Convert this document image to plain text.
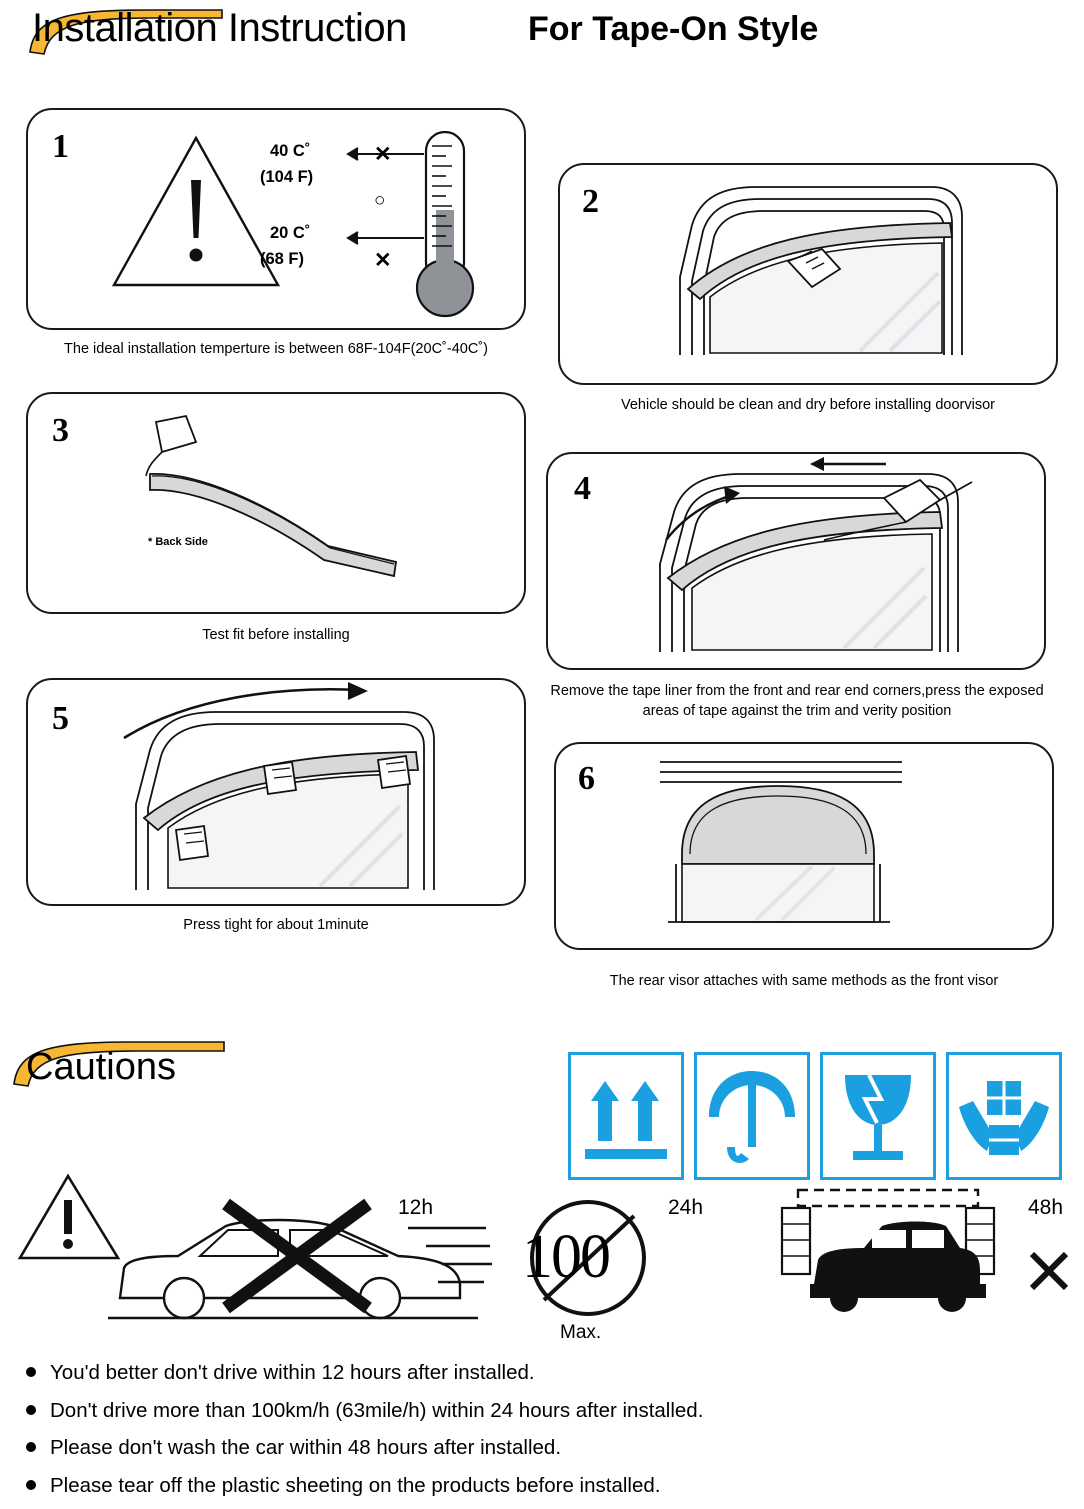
Installation Instruction	For Tape-On Style
40 C˚
(104 F)
20 C˚
(68 F)
✕
○
✕
1
The ideal installation temperture is between 68F-104F(20C˚-40C˚)
2
Vehicle should be clean and dry before installing doorvisor
* Back Side
3
Test fit before installing
4
Remove the tape liner from the front and rear end corners,press the exposed areas of tape against the trim and verity position
5
Press tight for about 1minute
6
The rear visor attaches with same methods as the front visor
Cautions
12h
100
24h
Max.
48h
You'd better don't drive within 12 hours after installed.
Don't drive more than 100km/h (63mile/h) within 24 hours after installed.
Please don't wash the car within 48 hours after installed.
Please tear off the plastic sheeting on the products before installed.
